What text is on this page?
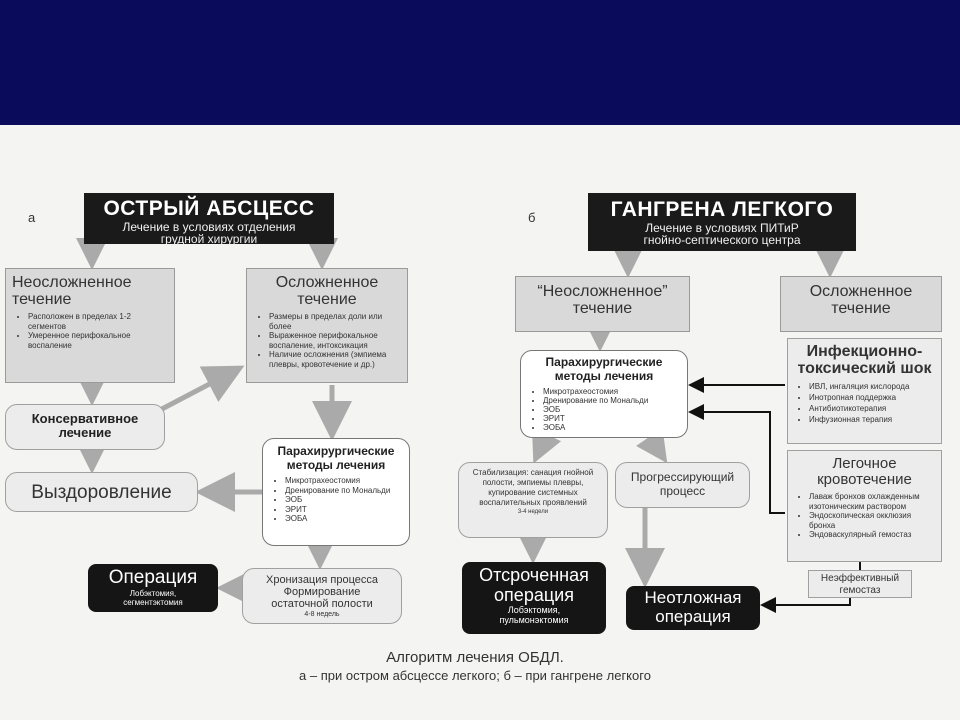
а	ОСТРЫЙ АБСЦЕСС
Лечение в условиях отделения
грудной хирургии
Неосложненное
течение
• Расположен в пределах 1-2 сегментов
• Умеренное перифокальное воспаление
Осложненное
течение
• Размеры в пределах доли или более
• Выраженное перифокальное воспаление, интоксикация
• Наличие осложнения (эмпиема плевры, кровотечение и др.)
Консервативное
лечение
Выздоровление
Парахирургические
методы лечения
• Микротрахеостомия
• Дренирование по Мональди
• ЭОБ
• ЭРИТ
• ЭОБА
Хронизация процесса
Формирование
остаточной полости
4-8 недель
Операция
Лобэктомия,
сегментэктомия
б	ГАНГРЕНА ЛЕГКОГО
Лечение в условиях ПИТиР
гнойно-септического центра
“Неосложненное”
течение
Осложненное
течение
Парахирургические
методы лечения
• Микротрахеостомия
• Дренирование по Мональди
• ЭОБ
• ЭРИТ
• ЭОБА
Инфекционно-
токсический шок
• ИВЛ, ингаляция кислорода
• Инотропная поддержка
• Антибиотикотерапия
• Инфузионная терапия
Легочное
кровотечение
• Лаваж бронхов охлажденным изотоническим раствором
• Эндоскопическая окклюзия бронха
• Эндоваскулярный гемостаз
Стабилизация: санация гнойной полости, эмпиемы плевры, купирование системных воспалительных проявлений
3-4 недели
Прогрессирующий
процесс
Неэффективный
гемостаз
Отсроченная
операция
Лобэктомия,
пульмонэктомия
Неотложная
операция
Алгоритм лечения ОБДЛ.
а – при остром абсцессе легкого; б – при гангрене легкого
